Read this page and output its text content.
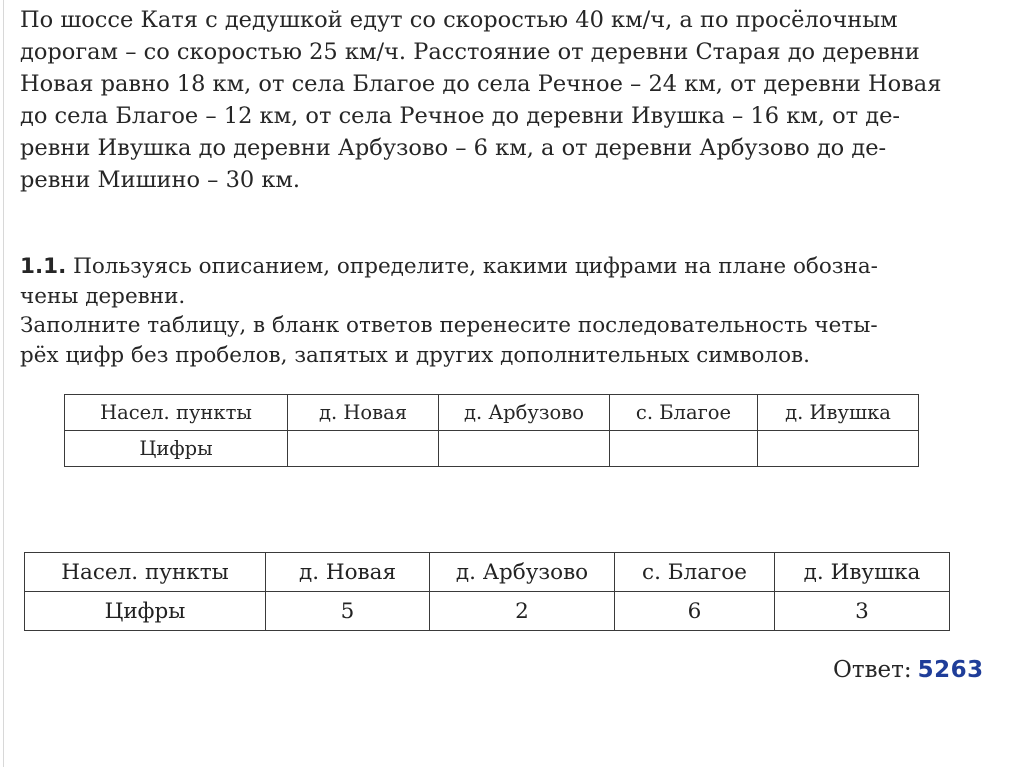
По шоссе Катя с дедушкой едут со скоростью 40 км/ч, а по просёлочным

дорогам – со скоростью 25 км/ч. Расстояние от деревни Старая до деревни

Новая равно 18 км, от села Благое до села Речное – 24 км, от деревни Новая

до села Благое – 12 км, от села Речное до деревни Ивушка – 16 км, от де-

ревни Ивушка до деревни Арбузово – 6 км, а от деревни Арбузово до де-

ревни Мишино – 30 км.

1.1. Пользуясь описанием, определите, какими цифрами на плане обозна-

чены деревни.

Заполните таблицу, в бланк ответов перенесите последовательность четы-

рёх цифр без пробелов, запятых и других дополнительных символов.

Насел. пункты	д. Новая	д. Арбузово	с. Благое	д. Ивушка
Цифры				
Насел. пункты	д. Новая	д. Арбузово	с. Благое	д. Ивушка
Цифры	5	2	6	3
Ответ: 5263
